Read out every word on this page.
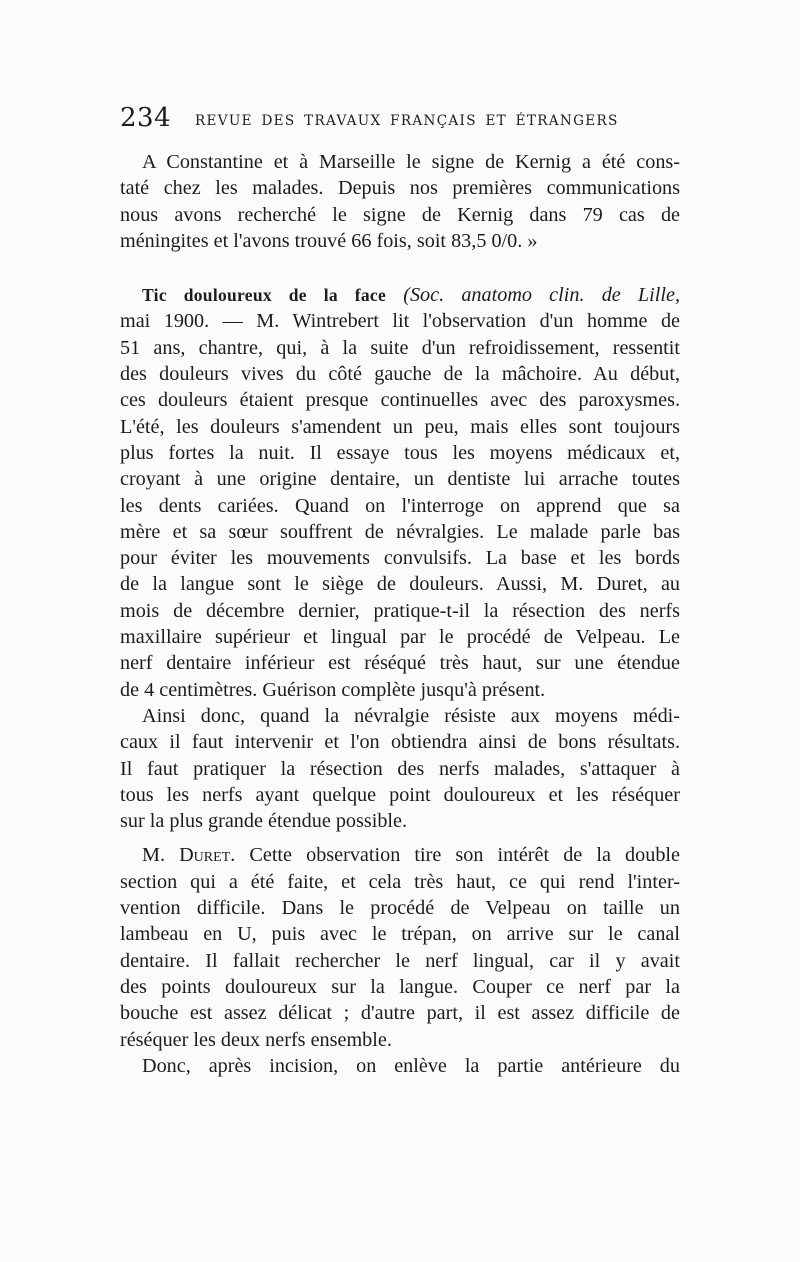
234 REVUE DES TRAVAUX FRANÇAIS ET ÉTRANGERS
A Constantine et à Marseille le signe de Kernig a été cons-
taté chez les malades. Depuis nos premières communications
nous avons recherché le signe de Kernig dans 79 cas de
méningites et l'avons trouvé 66 fois, soit 83,5 0/0. »
Tic douloureux de la face (Soc. anatomo clin. de Lille,
mai 1900. — M. Wintrebert lit l'observation d'un homme de
51 ans, chantre, qui, à la suite d'un refroidissement, ressentit
des douleurs vives du côté gauche de la mâchoire. Au début,
ces douleurs étaient presque continuelles avec des paroxysmes.
L'été, les douleurs s'amendent un peu, mais elles sont toujours
plus fortes la nuit. Il essaye tous les moyens médicaux et,
croyant à une origine dentaire, un dentiste lui arrache toutes
les dents cariées. Quand on l'interroge on apprend que sa
mère et sa sœur souffrent de névralgies. Le malade parle bas
pour éviter les mouvements convulsifs. La base et les bords
de la langue sont le siège de douleurs. Aussi, M. Duret, au
mois de décembre dernier, pratique-t-il la résection des nerfs
maxillaire supérieur et lingual par le procédé de Velpeau. Le
nerf dentaire inférieur est réséqué très haut, sur une étendue
de 4 centimètres. Guérison complète jusqu'à présent.
Ainsi donc, quand la névralgie résiste aux moyens médi-
caux il faut intervenir et l'on obtiendra ainsi de bons résultats.
Il faut pratiquer la résection des nerfs malades, s'attaquer à
tous les nerfs ayant quelque point douloureux et les réséquer
sur la plus grande étendue possible.
M. Duret. Cette observation tire son intérêt de la double
section qui a été faite, et cela très haut, ce qui rend l'inter-
vention difficile. Dans le procédé de Velpeau on taille un
lambeau en U, puis avec le trépan, on arrive sur le canal
dentaire. Il fallait rechercher le nerf lingual, car il y avait
des points douloureux sur la langue. Couper ce nerf par la
bouche est assez délicat ; d'autre part, il est assez difficile de
réséquer les deux nerfs ensemble.
Donc, après incision, on enlève la partie antérieure du
